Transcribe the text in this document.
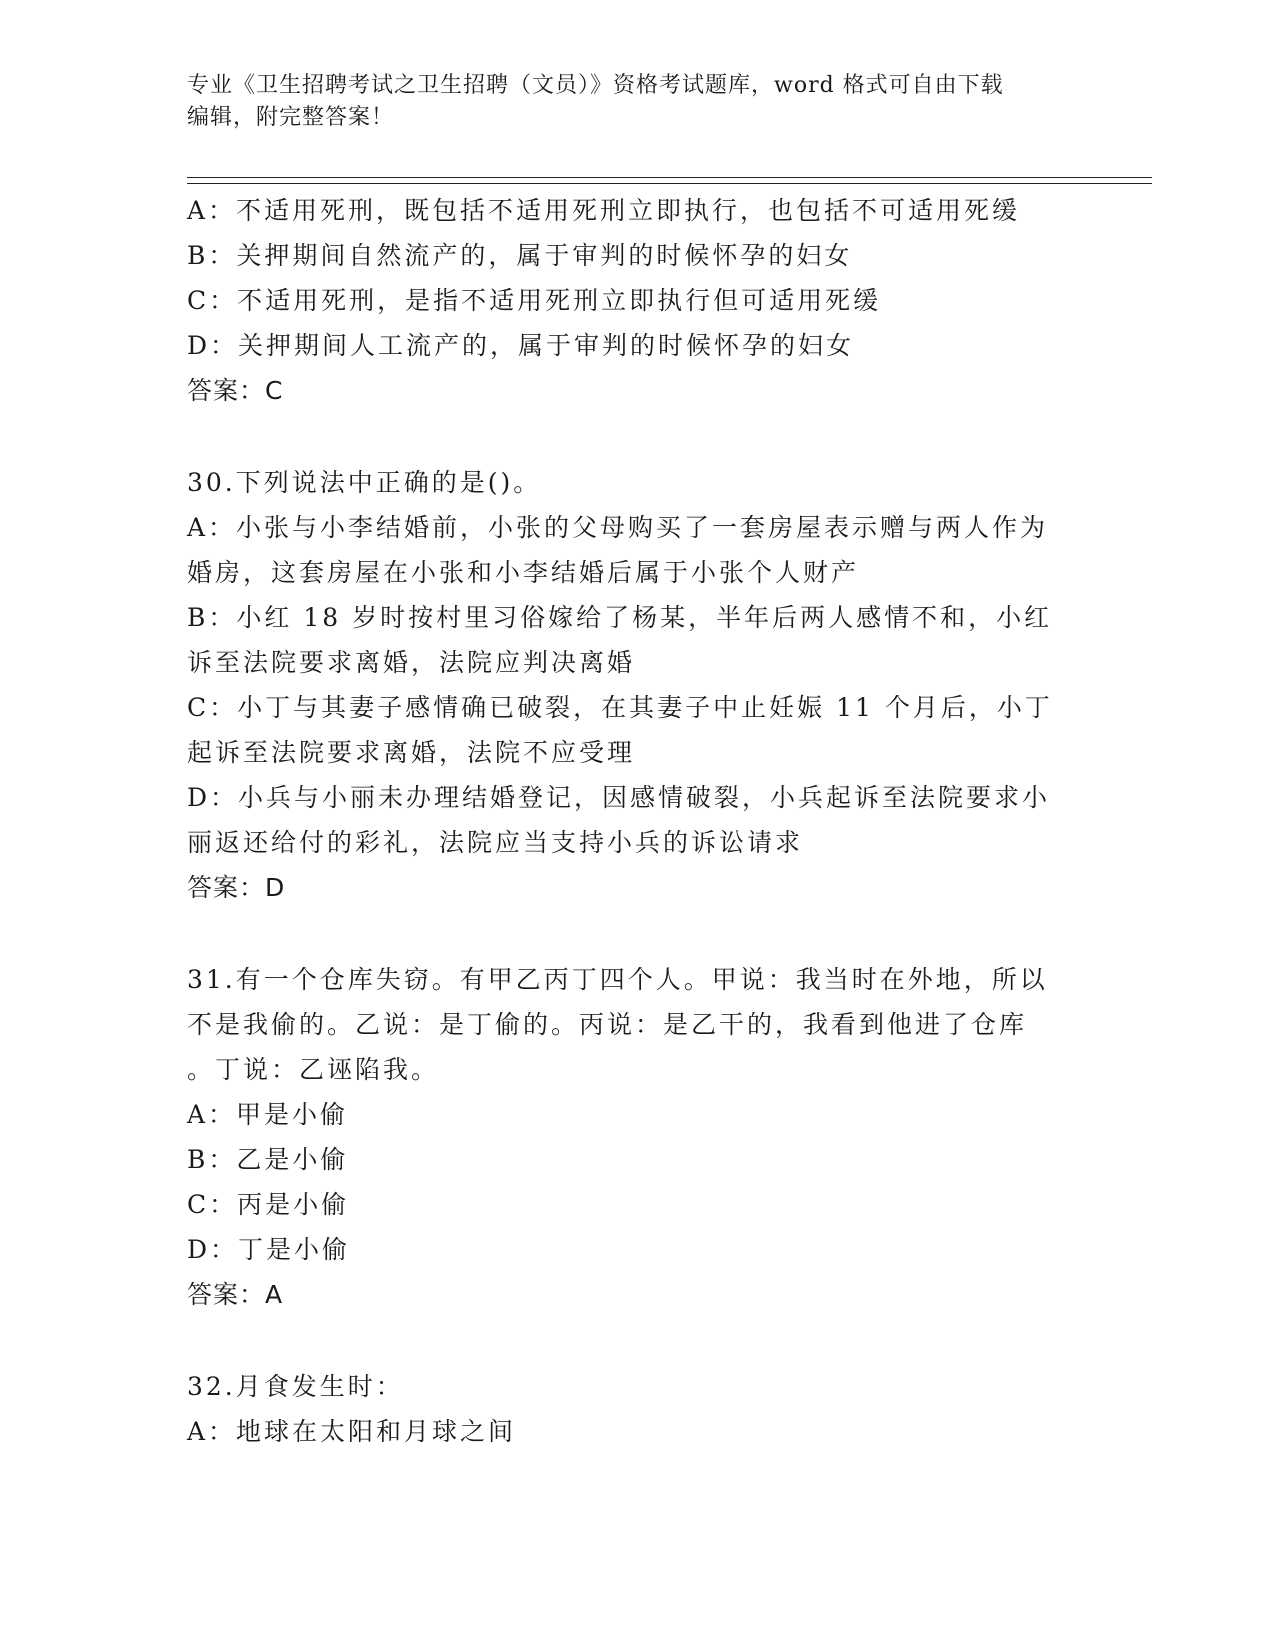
专业《卫生招聘考试之卫生招聘（文员）》资格考试题库，word 格式可自由下载
编辑，附完整答案！
A：不适用死刑，既包括不适用死刑立即执行，也包括不可适用死缓
B：关押期间自然流产的，属于审判的时候怀孕的妇女
C：不适用死刑，是指不适用死刑立即执行但可适用死缓
D：关押期间人工流产的，属于审判的时候怀孕的妇女
答案：C
30.下列说法中正确的是()。
A：小张与小李结婚前，小张的父母购买了一套房屋表示赠与两人作为
婚房，这套房屋在小张和小李结婚后属于小张个人财产
B：小红 18 岁时按村里习俗嫁给了杨某，半年后两人感情不和，小红
诉至法院要求离婚，法院应判决离婚
C：小丁与其妻子感情确已破裂，在其妻子中止妊娠 11 个月后，小丁
起诉至法院要求离婚，法院不应受理
D：小兵与小丽未办理结婚登记，因感情破裂，小兵起诉至法院要求小
丽返还给付的彩礼，法院应当支持小兵的诉讼请求
答案：D
31.有一个仓库失窃。有甲乙丙丁四个人。甲说：我当时在外地，所以
不是我偷的。乙说：是丁偷的。丙说：是乙干的，我看到他进了仓库
。丁说：乙诬陷我。
A：甲是小偷
B：乙是小偷
C：丙是小偷
D：丁是小偷
答案：A
32.月食发生时：
A：地球在太阳和月球之间
